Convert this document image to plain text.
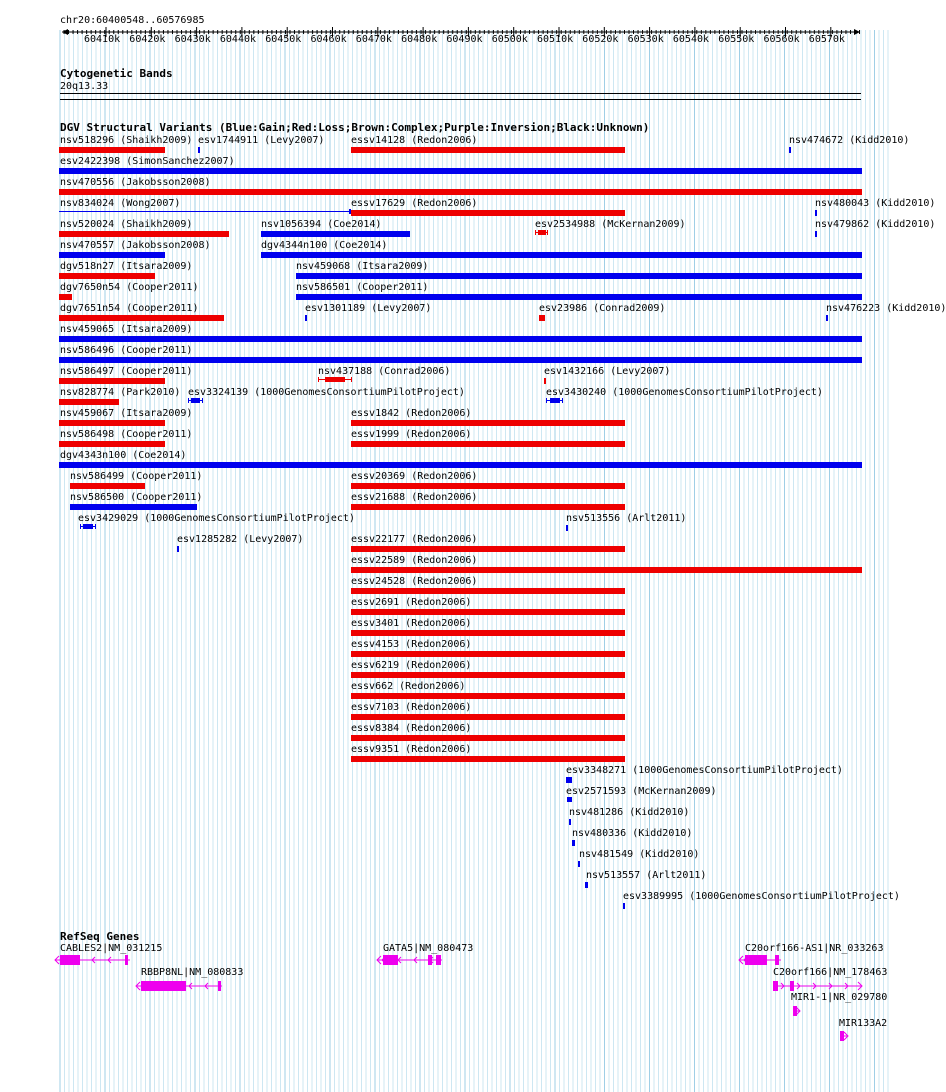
chr20:60400548..60576985
60410k 60420k 60430k 60440k 60450k 60460k 60470k 60480k 60490k 60500k 60510k 60520k 60530k 60540k 60550k 60560k 60570k
Cytogenetic Bands
20q13.33
DGV Structural Variants (Blue:Gain;Red:Loss;Brown:Complex;Purple:Inversion;Black:Unknown)
nsv518296 (Shaikh2009) esv1744911 (Levy2007)	essv14128 (Redon2006)	nsv474672 (Kidd2010)
esv2422398 (SimonSanchez2007)
nsv470556 (Jakobsson2008)
nsv834024 (Wong2007)	essv17629 (Redon2006)	nsv480043 (Kidd2010)
nsv520024 (Shaikh2009)	nsv1056394 (Coe2014)	esv2534988 (McKernan2009)	nsv479862 (Kidd2010)
nsv470557 (Jakobsson2008)	dgv4344n100 (Coe2014)
dgv518n27 (Itsara2009)	nsv459068 (Itsara2009)
dgv7650n54 (Cooper2011)	nsv586501 (Cooper2011)
dgv7651n54 (Cooper2011)	esv1301189 (Levy2007)	esv23986 (Conrad2009)	nsv476223 (Kidd2010)
nsv459065 (Itsara2009)
nsv586496 (Cooper2011)
nsv586497 (Cooper2011)	nsv437188 (Conrad2006)	esv1432166 (Levy2007)
nsv828774 (Park2010) esv3324139 (1000GenomesConsortiumPilotProject)	esv3430240 (1000GenomesConsortiumPilotProject)
nsv459067 (Itsara2009)	essv1842 (Redon2006)
nsv586498 (Cooper2011)	essv1999 (Redon2006)
dgv4343n100 (Coe2014)
nsv586499 (Cooper2011)	essv20369 (Redon2006)
nsv586500 (Cooper2011)	essv21688 (Redon2006)
esv3429029 (1000GenomesConsortiumPilotProject)	nsv513556 (Arlt2011)
esv1285282 (Levy2007)	essv22177 (Redon2006)
essv22589 (Redon2006)
essv24528 (Redon2006)
essv2691 (Redon2006)
essv3401 (Redon2006)
essv4153 (Redon2006)
essv6219 (Redon2006)
essv662 (Redon2006)
essv7103 (Redon2006)
essv8384 (Redon2006)
essv9351 (Redon2006)
esv3348271 (1000GenomesConsortiumPilotProject)
esv2571593 (McKernan2009)
nsv481286 (Kidd2010)
nsv480336 (Kidd2010)
nsv481549 (Kidd2010)
nsv513557 (Arlt2011)
esv3389995 (1000GenomesConsortiumPilotProject)
RefSeq Genes
CABLES2|NM_031215
RBBP8NL|NM_080833
GATA5|NM_080473	C20orf166-AS1|NR_033263
C20orf166|NM_178463
MIR1-1|NR_029780
MIR133A2
